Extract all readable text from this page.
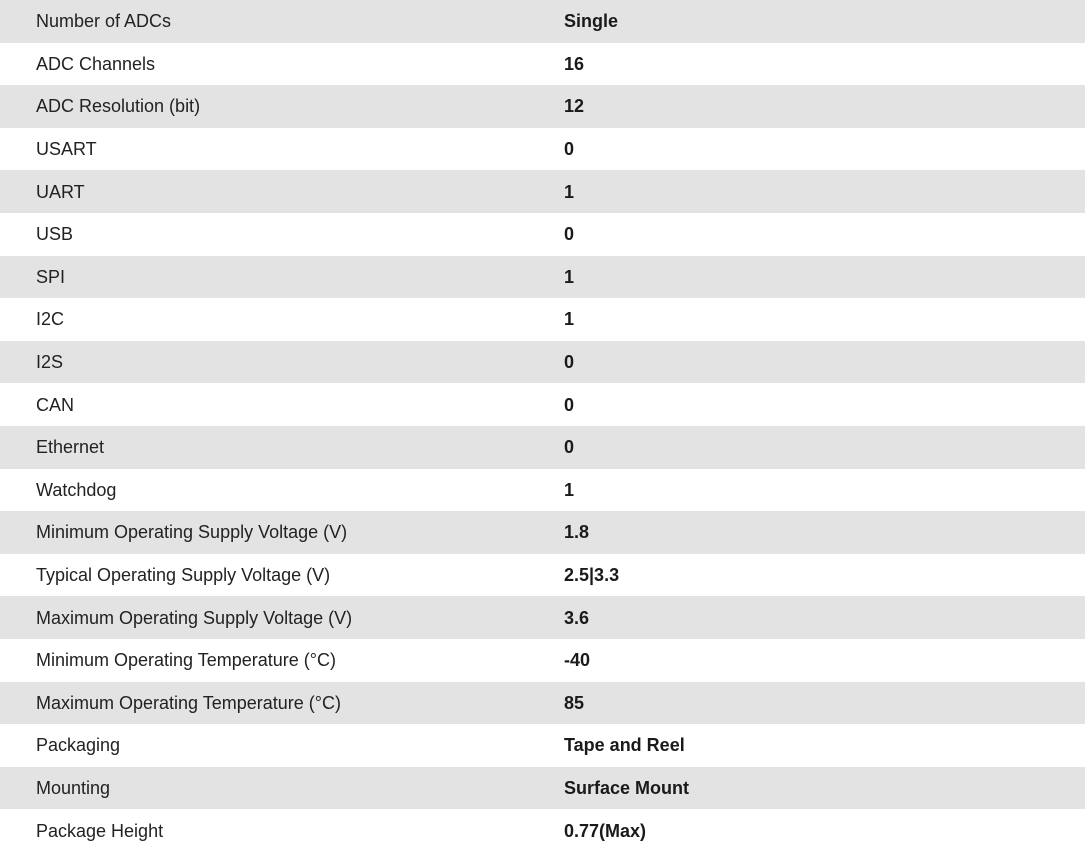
Number of ADCs	Single
ADC Channels	16
ADC Resolution (bit)	12
USART	0
UART	1
USB	0
SPI	1
I2C	1
I2S	0
CAN	0
Ethernet	0
Watchdog	1
Minimum Operating Supply Voltage (V)	1.8
Typical Operating Supply Voltage (V)	2.5|3.3
Maximum Operating Supply Voltage (V)	3.6
Minimum Operating Temperature (°C)	-40
Maximum Operating Temperature (°C)	85
Packaging	Tape and Reel
Mounting	Surface Mount
Package Height	0.77(Max)
